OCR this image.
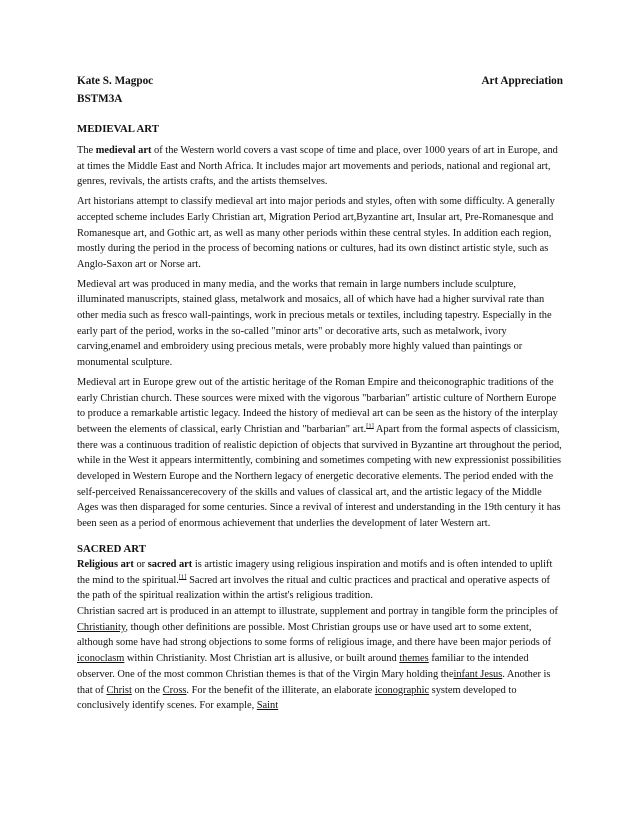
Kate S. Magpoc	Art Appreciation
BSTM3A
MEDIEVAL ART

The medieval art of the Western world covers a vast scope of time and place, over 1000 years of art in Europe, and at times the Middle East and North Africa. It includes major art movements and periods, national and regional art, genres, revivals, the artists crafts, and the artists themselves.

Art historians attempt to classify medieval art into major periods and styles, often with some difficulty. A generally accepted scheme includes Early Christian art, Migration Period art,Byzantine art, Insular art, Pre-Romanesque and Romanesque art, and Gothic art, as well as many other periods within these central styles. In addition each region, mostly during the period in the process of becoming nations or cultures, had its own distinct artistic style, such as Anglo-Saxon art or Norse art.

Medieval art was produced in many media, and the works that remain in large numbers include sculpture, illuminated manuscripts, stained glass, metalwork and mosaics, all of which have had a higher survival rate than other media such as fresco wall-paintings, work in precious metals or textiles, including tapestry. Especially in the early part of the period, works in the so-called "minor arts" or decorative arts, such as metalwork, ivory carving,enamel and embroidery using precious metals, were probably more highly valued than paintings or monumental sculpture.

Medieval art in Europe grew out of the artistic heritage of the Roman Empire and theiconographic traditions of the early Christian church. These sources were mixed with the vigorous "barbarian" artistic culture of Northern Europe to produce a remarkable artistic legacy. Indeed the history of medieval art can be seen as the history of the interplay between the elements of classical, early Christian and "barbarian" art.[1] Apart from the formal aspects of classicism, there was a continuous tradition of realistic depiction of objects that survived in Byzantine art throughout the period, while in the West it appears intermittently, combining and sometimes competing with new expressionist possibilities developed in Western Europe and the Northern legacy of energetic decorative elements. The period ended with the self-perceived Renaissancerecovery of the skills and values of classical art, and the artistic legacy of the Middle Ages was then disparaged for some centuries. Since a revival of interest and understanding in the 19th century it has been seen as a period of enormous achievement that underlies the development of later Western art.

SACRED ART

Religious art or sacred art is artistic imagery using religious inspiration and motifs and is often intended to uplift the mind to the spiritual.[1] Sacred art involves the ritual and cultic practices and practical and operative aspects of the path of the spiritual realization within the artist's religious tradition.

Christian sacred art is produced in an attempt to illustrate, supplement and portray in tangible form the principles of Christianity, though other definitions are possible. Most Christian groups use or have used art to some extent, although some have had strong objections to some forms of religious image, and there have been major periods of iconoclasm within Christianity. Most Christian art is allusive, or built around themes familiar to the intended observer. One of the most common Christian themes is that of the Virgin Mary holding theinfant Jesus. Another is that of Christ on the Cross. For the benefit of the illiterate, an elaborate iconographic system developed to conclusively identify scenes. For example, Saint
